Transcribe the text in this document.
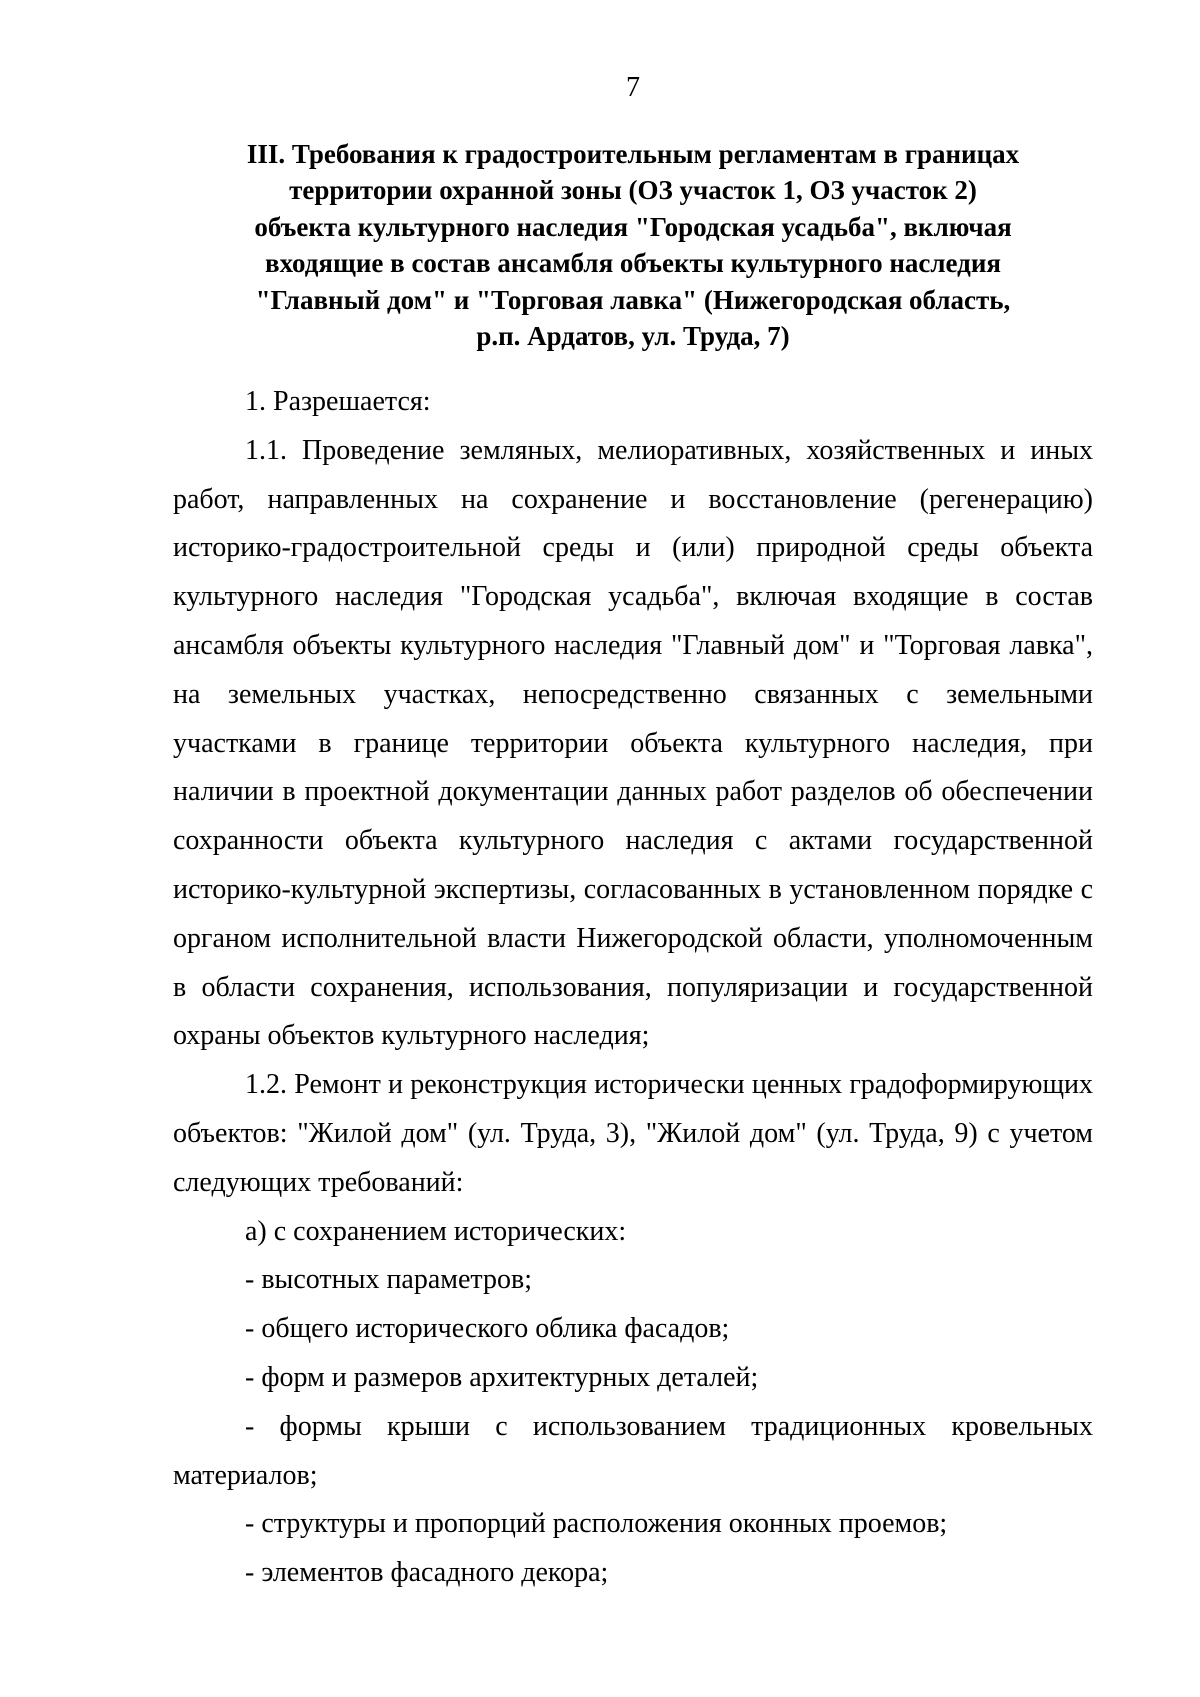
7
III. Требования к градостроительным регламентам в границах
территории охранной зоны (ОЗ участок 1, ОЗ участок 2)
объекта культурного наследия "Городская усадьба", включая
входящие в состав ансамбля объекты культурного наследия
"Главный дом" и "Торговая лавка" (Нижегородская область,
р.п. Ардатов, ул. Труда, 7)

1. Разрешается:

1.1. Проведение земляных, мелиоративных, хозяйственных и иных работ, направленных на сохранение и восстановление (регенерацию) историко-градостроительной среды и (или) природной среды объекта культурного наследия "Городская усадьба", включая входящие в состав ансамбля объекты культурного наследия "Главный дом" и "Торговая лавка", на земельных участках, непосредственно связанных с земельными участками в границе территории объекта культурного наследия, при наличии в проектной документации данных работ разделов об обеспечении сохранности объекта культурного наследия с актами государственной историко-культурной экспертизы, согласованных в установленном порядке с органом исполнительной власти Нижегородской области, уполномоченным в области сохранения, использования, популяризации и государственной охраны объектов культурного наследия;

1.2. Ремонт и реконструкция исторически ценных градоформирующих объектов: "Жилой дом" (ул. Труда, 3), "Жилой дом" (ул. Труда, 9) с учетом следующих требований:

а) с сохранением исторических:

- высотных параметров;

- общего исторического облика фасадов;

- форм и размеров архитектурных деталей;

- формы крыши с использованием традиционных кровельных материалов;

- структуры и пропорций расположения оконных проемов;

- элементов фасадного декора;
